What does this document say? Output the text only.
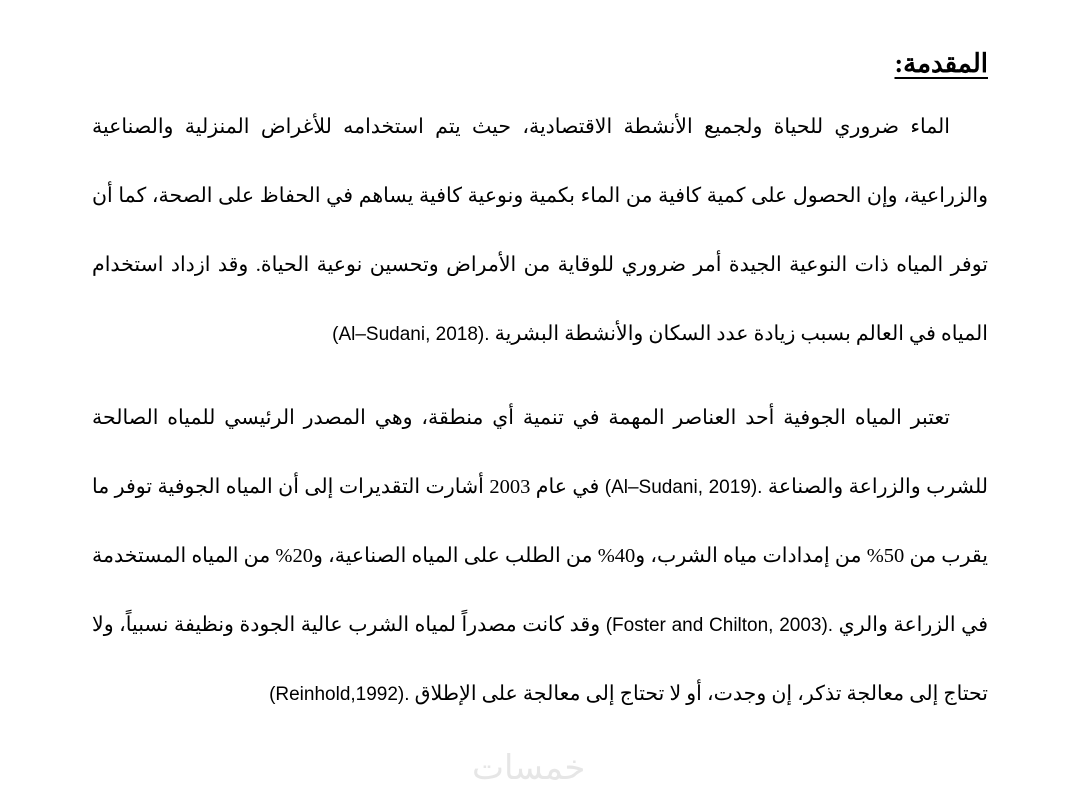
المقدمة:

الماء ضروري للحياة ولجميع الأنشطة الاقتصادية، حيث يتم استخدامه للأغراض المنزلية والصناعية والزراعية، وإن الحصول على كمية كافية من الماء بكمية ونوعية كافية يساهم في الحفاظ على الصحة، كما أن توفر المياه ذات النوعية الجيدة أمر ضروري للوقاية من الأمراض وتحسين نوعية الحياة. وقد ازداد استخدام المياه في العالم بسبب زيادة عدد السكان والأنشطة البشرية (Al–Sudani, 2018).

تعتبر المياه الجوفية أحد العناصر المهمة في تنمية أي منطقة، وهي المصدر الرئيسي للمياه الصالحة للشرب والزراعة والصناعة (Al–Sudani, 2019). في عام 2003 أشارت التقديرات إلى أن المياه الجوفية توفر ما يقرب من 50% من إمدادات مياه الشرب، و40% من الطلب على المياه الصناعية، و20% من المياه المستخدمة في الزراعة والري (Foster and Chilton, 2003). وقد كانت مصدراً لمياه الشرب عالية الجودة ونظيفة نسبياً، ولا تحتاج إلى معالجة تذكر، إن وجدت، أو لا تحتاج إلى معالجة على الإطلاق (Reinhold,1992).

خمسات
